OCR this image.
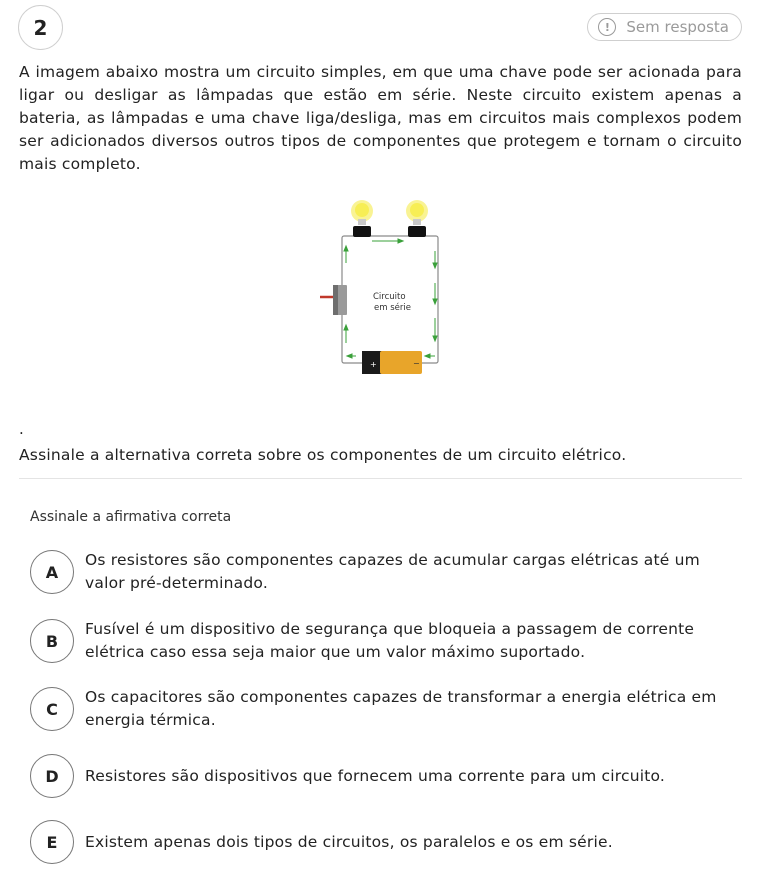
2	!	Sem resposta

A imagem abaixo mostra um circuito simples, em que uma chave pode ser acionada para ligar ou desligar as lâmpadas que estão em série. Neste circuito existem apenas a bateria, as lâmpadas e uma chave liga/desliga, mas em circuitos mais complexos podem ser adicionados diversos outros tipos de componentes que protegem e tornam o circuito mais completo.

+	−
Circuito
em série
.
Assinale a alternativa correta sobre os componentes de um circuito elétrico.
Assinale a afirmativa correta
A
Os resistores são componentes capazes de acumular cargas elétricas até um valor pré-determinado.
B
Fusível é um dispositivo de segurança que bloqueia a passagem de corrente elétrica caso essa seja maior que um valor máximo suportado.
C
Os capacitores são componentes capazes de transformar a energia elétrica em energia térmica.
D	Resistores são dispositivos que fornecem uma corrente para um circuito.
E	Existem apenas dois tipos de circuitos, os paralelos e os em série.
